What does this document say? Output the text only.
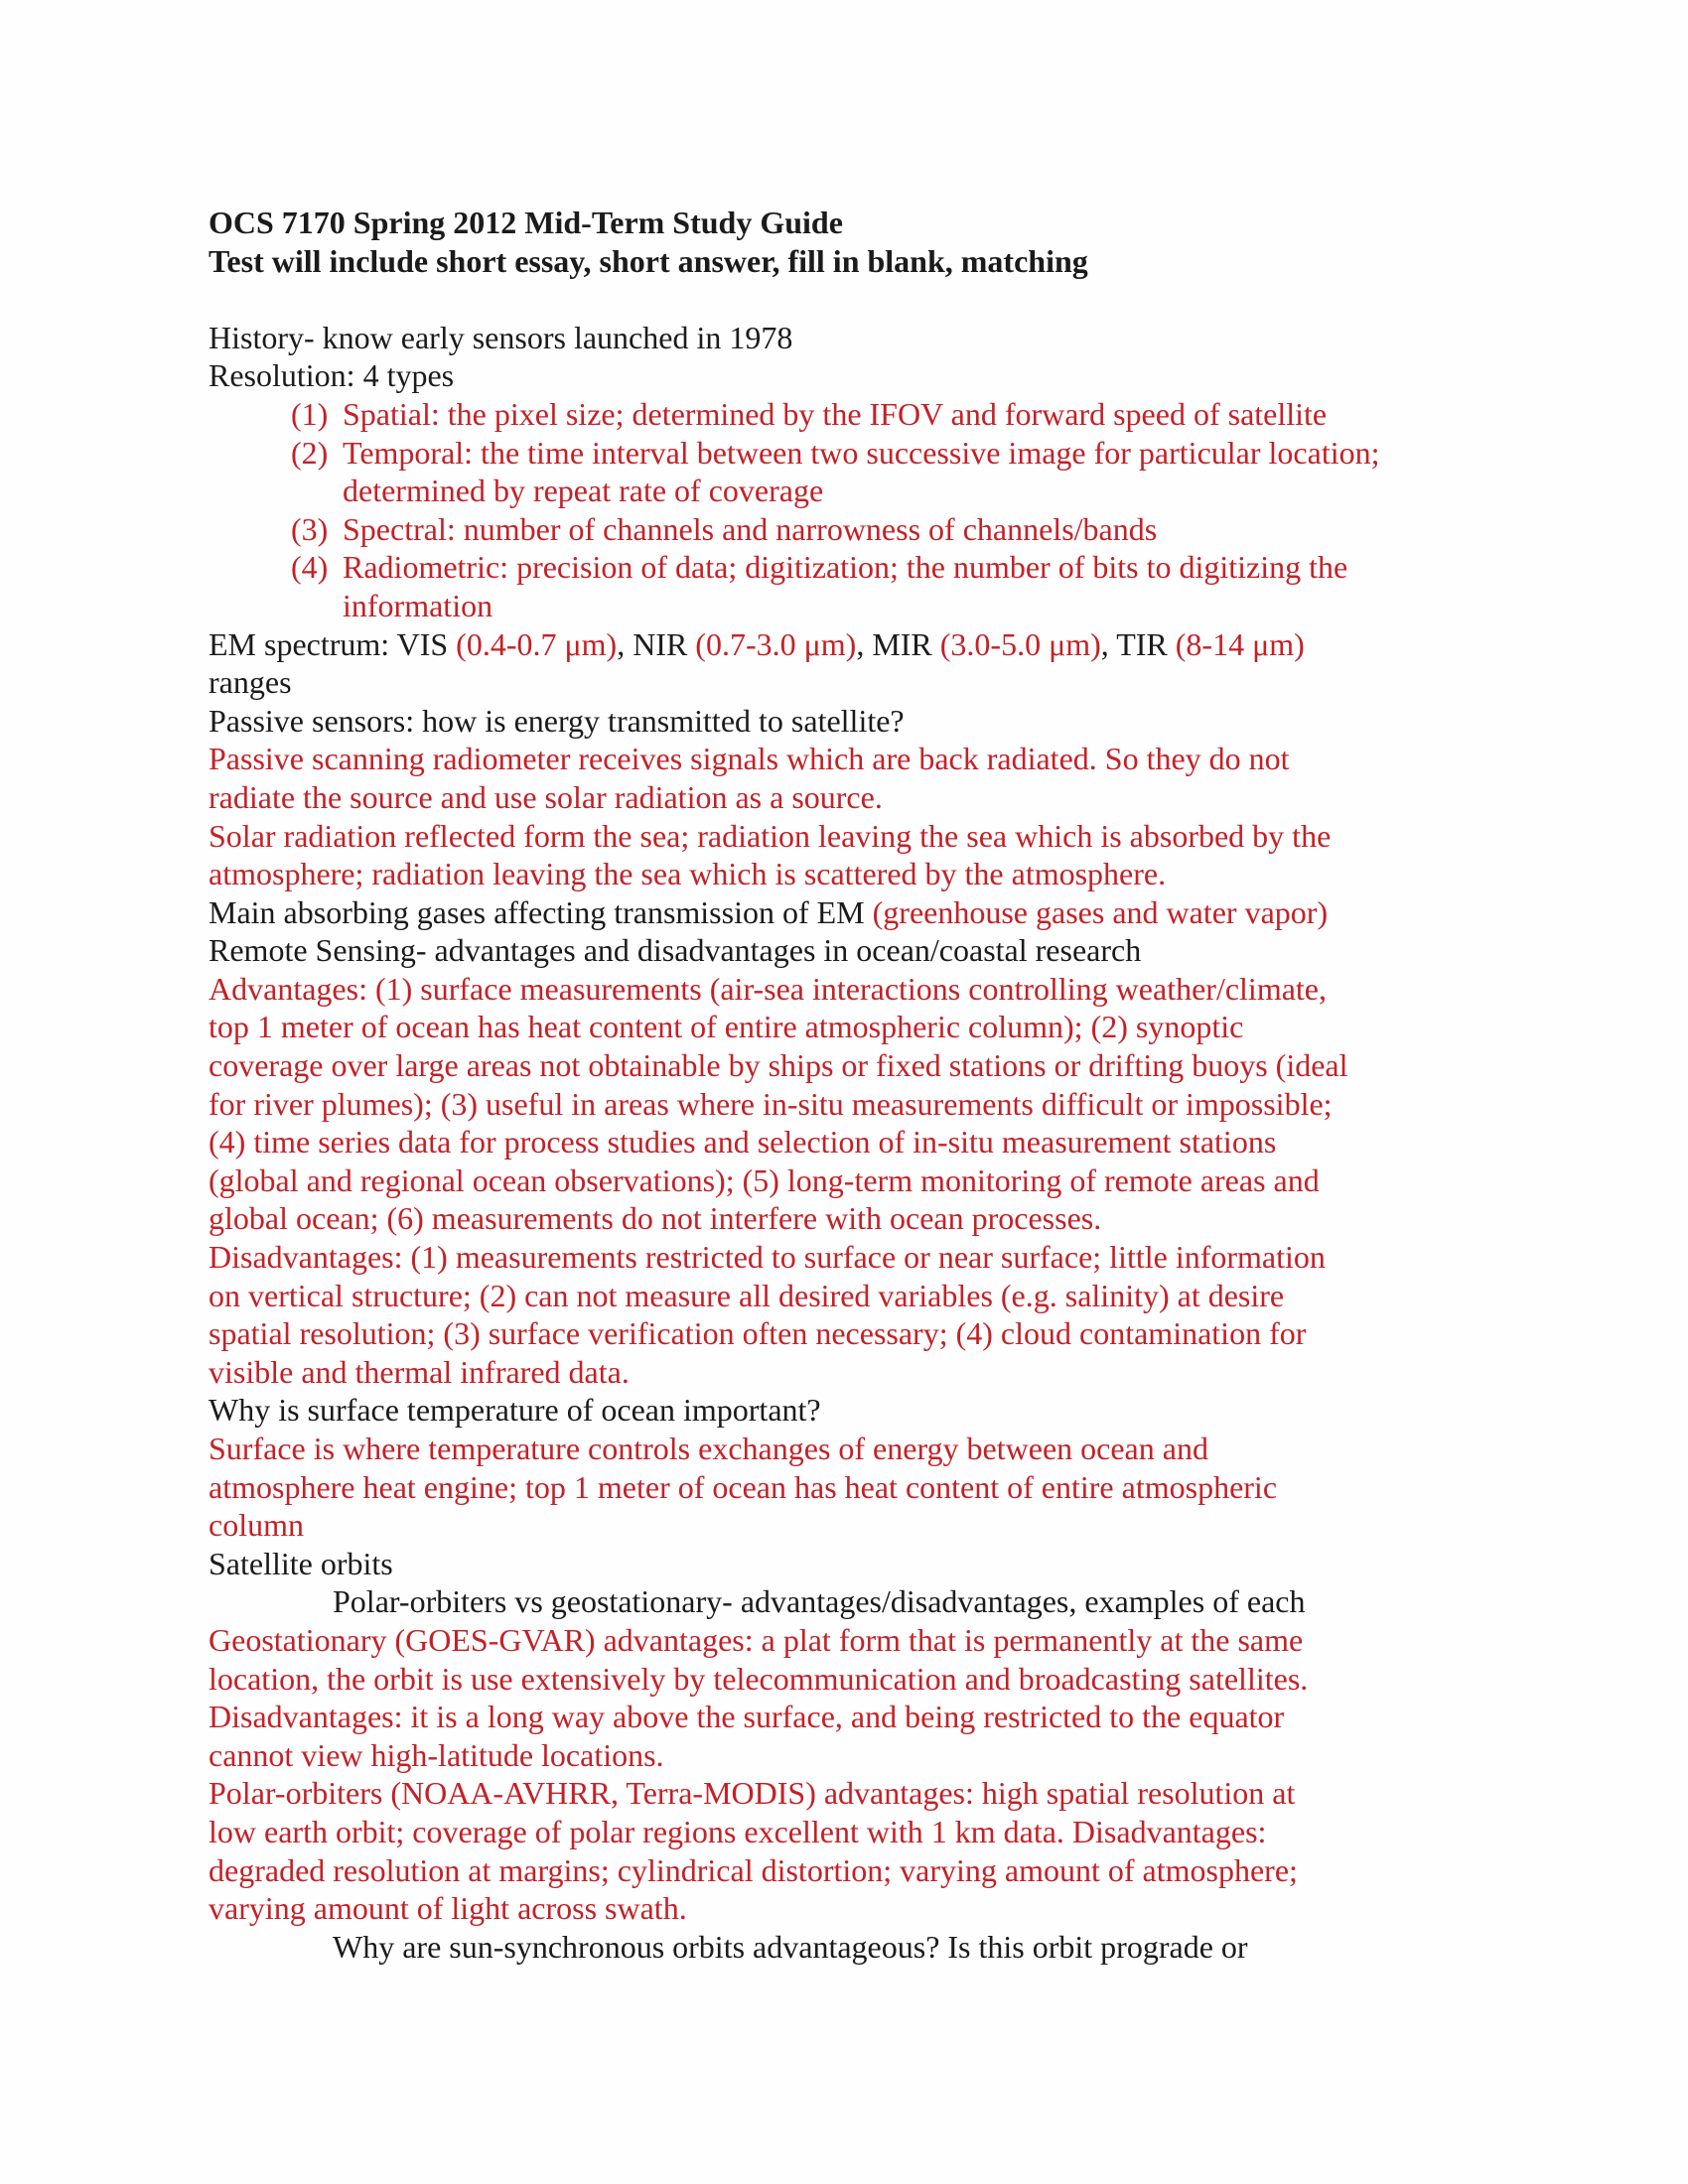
OCS 7170 Spring 2012 Mid-Term Study Guide
Test will include short essay, short answer, fill in blank, matching
History- know early sensors launched in 1978
Resolution: 4 types
(1) Spatial: the pixel size; determined by the IFOV and forward speed of satellite
(2) Temporal: the time interval between two successive image for particular location;
determined by repeat rate of coverage
(3) Spectral: number of channels and narrowness of channels/bands
(4) Radiometric: precision of data; digitization; the number of bits to digitizing the
information
EM spectrum: VIS (0.4-0.7 μm), NIR (0.7-3.0 μm), MIR (3.0-5.0 μm), TIR (8-14 μm)
ranges
Passive sensors: how is energy transmitted to satellite?
Passive scanning radiometer receives signals which are back radiated. So they do not
radiate the source and use solar radiation as a source.
Solar radiation reflected form the sea; radiation leaving the sea which is absorbed by the
atmosphere; radiation leaving the sea which is scattered by the atmosphere.
Main absorbing gases affecting transmission of EM (greenhouse gases and water vapor)
Remote Sensing- advantages and disadvantages in ocean/coastal research
Advantages: (1) surface measurements (air-sea interactions controlling weather/climate,
top 1 meter of ocean has heat content of entire atmospheric column); (2) synoptic
coverage over large areas not obtainable by ships or fixed stations or drifting buoys (ideal
for river plumes); (3) useful in areas where in-situ measurements difficult or impossible;
(4) time series data for process studies and selection of in-situ measurement stations
(global and regional ocean observations); (5) long-term monitoring of remote areas and
global ocean; (6) measurements do not interfere with ocean processes.
Disadvantages: (1) measurements restricted to surface or near surface; little information
on vertical structure; (2) can not measure all desired variables (e.g. salinity) at desire
spatial resolution; (3) surface verification often necessary; (4) cloud contamination for
visible and thermal infrared data.
Why is surface temperature of ocean important?
Surface is where temperature controls exchanges of energy between ocean and
atmosphere heat engine; top 1 meter of ocean has heat content of entire atmospheric
column
Satellite orbits
Polar-orbiters vs geostationary- advantages/disadvantages, examples of each
Geostationary (GOES-GVAR) advantages: a plat form that is permanently at the same
location, the orbit is use extensively by telecommunication and broadcasting satellites.
Disadvantages: it is a long way above the surface, and being restricted to the equator
cannot view high-latitude locations.
Polar-orbiters (NOAA-AVHRR, Terra-MODIS) advantages: high spatial resolution at
low earth orbit; coverage of polar regions excellent with 1 km data. Disadvantages:
degraded resolution at margins; cylindrical distortion; varying amount of atmosphere;
varying amount of light across swath.
Why are sun-synchronous orbits advantageous? Is this orbit prograde or
